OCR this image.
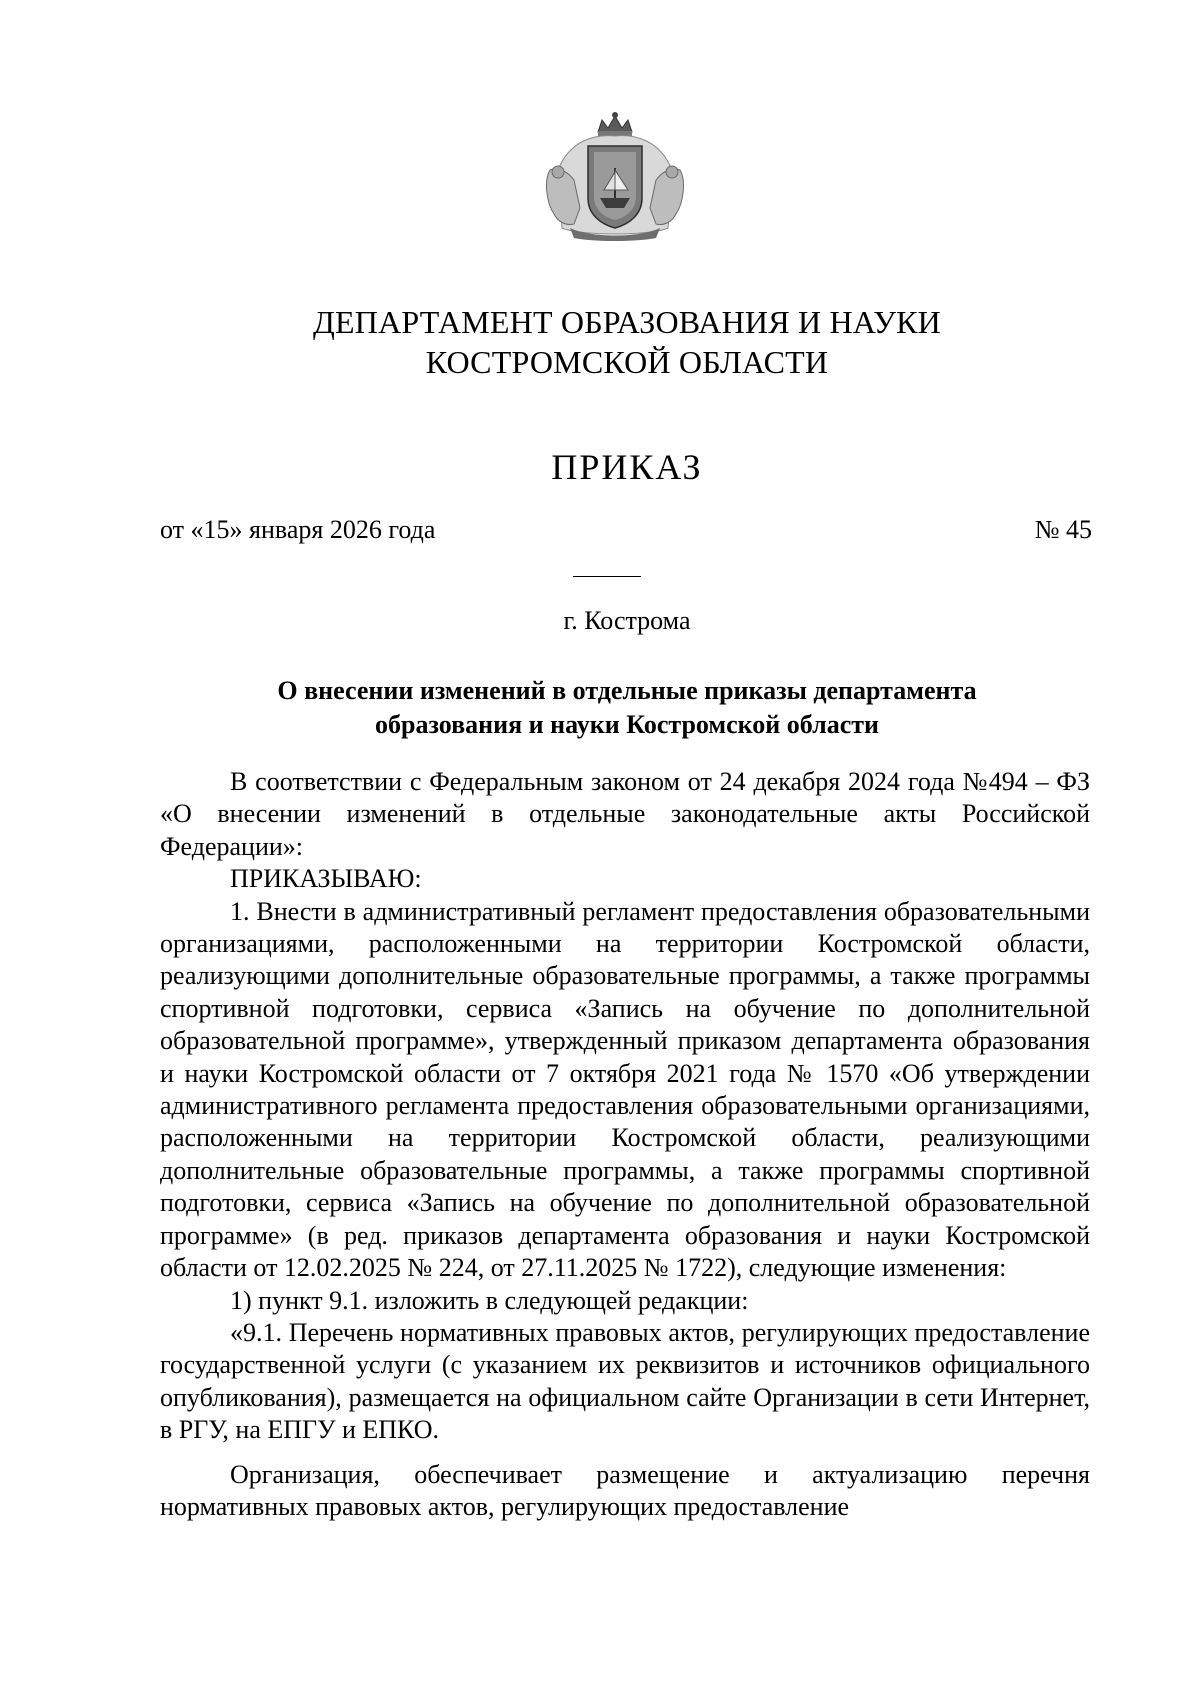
ДЕПАРТАМЕНТ ОБРАЗОВАНИЯ И НАУКИ
КОСТРОМСКОЙ ОБЛАСТИ
ПРИКАЗ
от «15» января 2026 года	№ 45
г. Кострома
О внесении изменений в отдельные приказы департамента
образования и науки Костромской области

В соответствии с Федеральным законом от 24 декабря 2024 года №494 – ФЗ «О внесении изменений в отдельные законодательные акты Российской Федерации»:

ПРИКАЗЫВАЮ:

1. Внести в административный регламент предоставления образовательными организациями, расположенными на территории Костромской области, реализующими дополнительные образовательные программы, а также программы спортивной подготовки, сервиса «Запись на обучение по дополнительной образовательной программе», утвержденный приказом департамента образования и науки Костромской области от 7 октября 2021 года № 1570 «Об утверждении административного регламента предоставления образовательными организациями, расположенными на территории Костромской области, реализующими дополнительные образовательные программы, а также программы спортивной подготовки, сервиса «Запись на обучение по дополнительной образовательной программе» (в ред. приказов департамента образования и науки Костромской области от 12.02.2025 № 224, от 27.11.2025 № 1722), следующие изменения:

1) пункт 9.1. изложить в следующей редакции:

«9.1. Перечень нормативных правовых актов, регулирующих предоставление государственной услуги (с указанием их реквизитов и источников официального опубликования), размещается на официальном сайте Организации в сети Интернет, в РГУ, на ЕПГУ и ЕПКО.

Организация, обеспечивает размещение и актуализацию перечня нормативных правовых актов, регулирующих предоставление
